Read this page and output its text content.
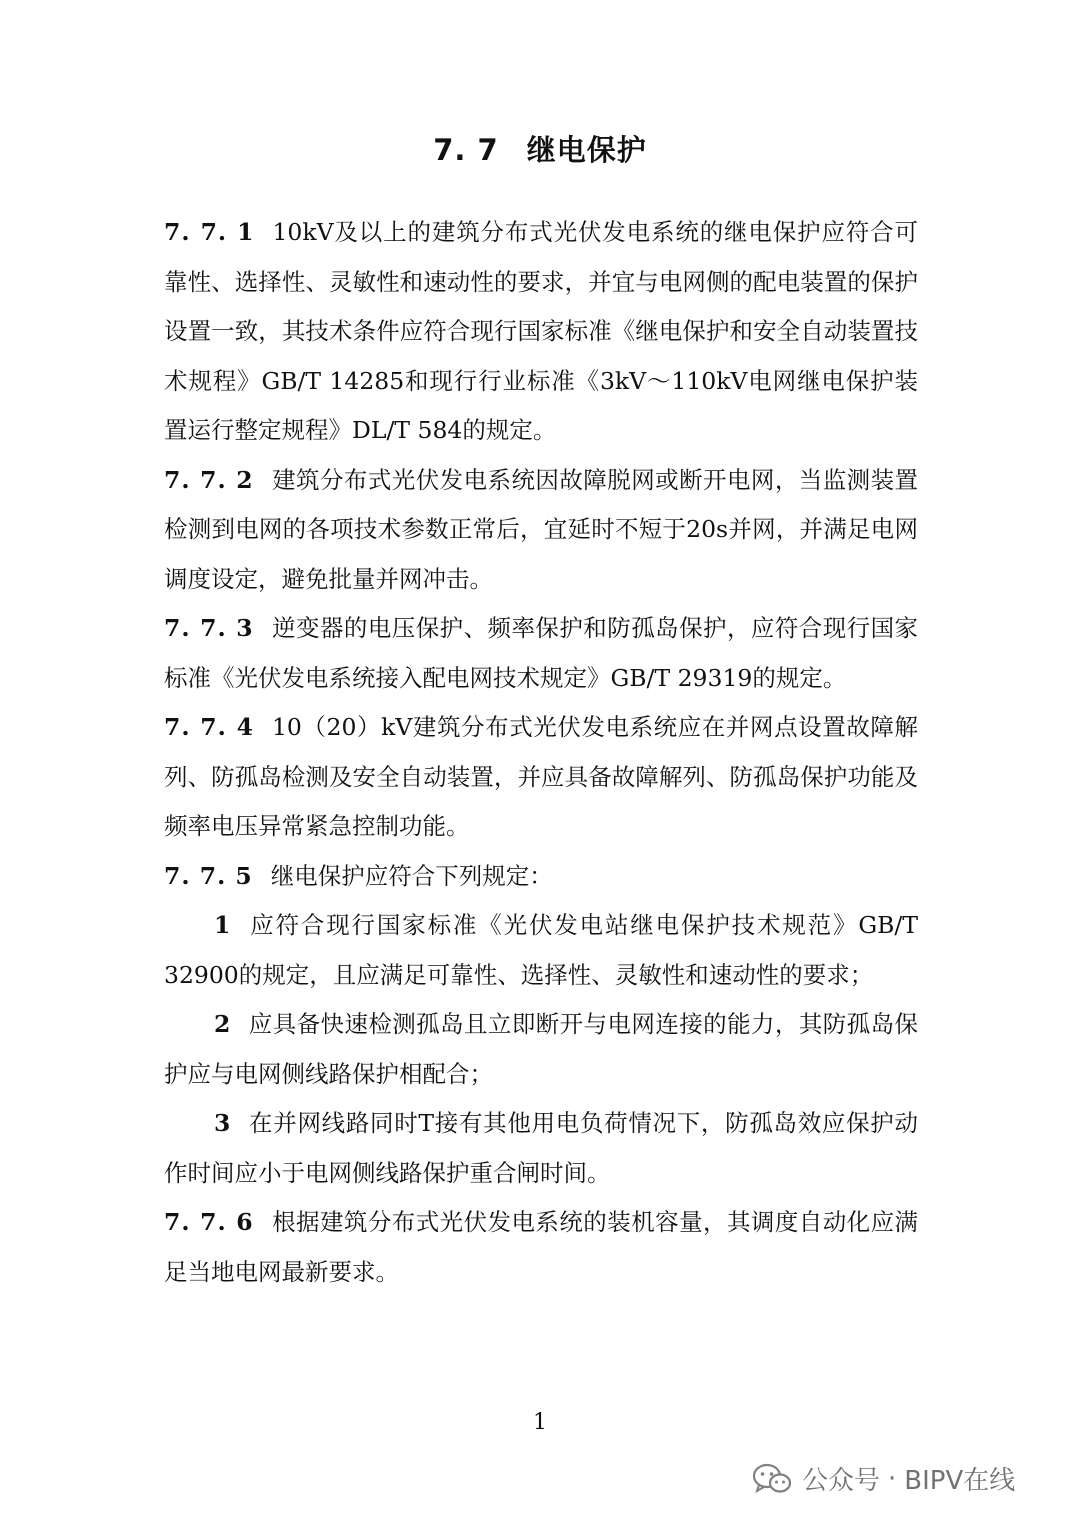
7. 7 继电保护

7. 7. 1 10kV及以上的建筑分布式光伏发电系统的继电保护应符合可靠性、选择性、灵敏性和速动性的要求，并宜与电网侧的配电装置的保护设置一致，其技术条件应符合现行国家标准《继电保护和安全自动装置技术规程》GB/T 14285和现行行业标准《3kV～110kV电网继电保护装置运行整定规程》DL/T 584的规定。

7. 7. 2 建筑分布式光伏发电系统因故障脱网或断开电网，当监测装置检测到电网的各项技术参数正常后，宜延时不短于20s并网，并满足电网调度设定，避免批量并网冲击。

7. 7. 3 逆变器的电压保护、频率保护和防孤岛保护，应符合现行国家标准《光伏发电系统接入配电网技术规定》GB/T 29319的规定。

7. 7. 4 10（20）kV建筑分布式光伏发电系统应在并网点设置故障解列、防孤岛检测及安全自动装置，并应具备故障解列、防孤岛保护功能及频率电压异常紧急控制功能。

7. 7. 5 继电保护应符合下列规定：

1 应符合现行国家标准《光伏发电站继电保护技术规范》GB/T 32900的规定，且应满足可靠性、选择性、灵敏性和速动性的要求；

2 应具备快速检测孤岛且立即断开与电网连接的能力，其防孤岛保护应与电网侧线路保护相配合；

3 在并网线路同时T接有其他用电负荷情况下，防孤岛效应保护动作时间应小于电网侧线路保护重合闸时间。

7. 7. 6 根据建筑分布式光伏发电系统的装机容量，其调度自动化应满足当地电网最新要求。

1
公众号 · BIPV在线
